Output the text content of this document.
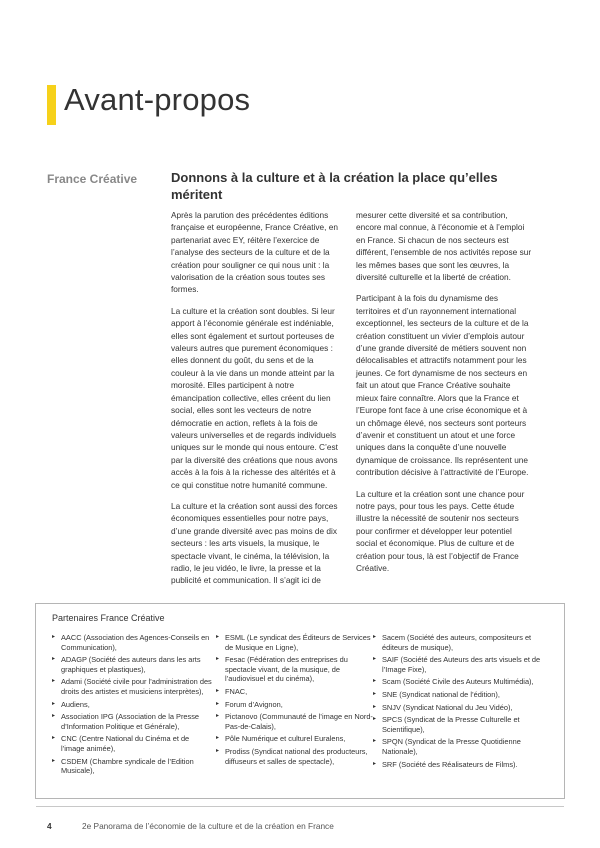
Avant-propos
France Créative	Donnons à la culture et à la création la place qu’elles méritent

Après la parution des précédentes éditions française et européenne, France Créative, en partenariat avec EY, réitère l’exercice de l’analyse des secteurs de la culture et de la création pour souligner ce qui nous unit : la valorisation de la création sous toutes ses formes.

La culture et la création sont doubles. Si leur apport à l’économie générale est indéniable, elles sont également et surtout porteuses de valeurs autres que purement économiques : elles donnent du goût, du sens et de la couleur à la vie dans un monde atteint par la morosité. Elles participent à notre émancipation collective, elles créent du lien social, elles sont les vecteurs de notre démocratie en action, reflets à la fois de valeurs universelles et de regards individuels uniques sur le monde qui nous entoure. C’est par la diversité des créations que nous avons accès à la fois à la richesse des altérités et à ce qui constitue notre humanité commune.

La culture et la création sont aussi des forces économiques essentielles pour notre pays, d’une grande diversité avec pas moins de dix secteurs : les arts visuels, la musique, le spectacle vivant, le cinéma, la télévision, la radio, le jeu vidéo, le livre, la presse et la publicité et communication. Il s’agit ici de

mesurer cette diversité et sa contribution, encore mal connue, à l’économie et à l’emploi en France. Si chacun de nos secteurs est différent, l’ensemble de nos activités repose sur les mêmes bases que sont les œuvres, la diversité culturelle et la liberté de création.

Participant à la fois du dynamisme des territoires et d’un rayonnement international exceptionnel, les secteurs de la culture et de la création constituent un vivier d’emplois autour d’une grande diversité de métiers souvent non délocalisables et attractifs notamment pour les jeunes. Ce fort dynamisme de nos secteurs en fait un atout que France Créative souhaite mieux faire connaître. Alors que la France et l’Europe font face à une crise économique et à un chômage élevé, nos secteurs sont porteurs d’avenir et constituent un atout et une force uniques dans la conquête d’une nouvelle dynamique de croissance. Ils représentent une contribution décisive à l’attractivité de l’Europe.

La culture et la création sont une chance pour notre pays, pour tous les pays. Cette étude illustre la nécessité de soutenir nos secteurs pour confirmer et développer leur potentiel social et économique. Plus de culture et de création pour tous, là est l’objectif de France Créative.

Partenaires France Créative
▸ AACC (Association des Agences-Conseils en Communication),
▸ ADAGP (Société des auteurs dans les arts graphiques et plastiques),
▸ Adami (Société civile pour l’administration des droits des artistes et musiciens interprètes),
▸ Audiens,
▸ Association IPG (Association de la Presse d’Information Politique et Générale),
▸ CNC (Centre National du Cinéma et de l’image animée),
▸ CSDEM (Chambre syndicale de l’Edition Musicale),
▸ ESML (Le syndicat des Éditeurs de Services de Musique en Ligne),
▸ Fesac (Fédération des entreprises du spectacle vivant, de la musique, de l’audiovisuel et du cinéma),
▸ FNAC,
▸ Forum d’Avignon,
▸ Pictanovo (Communauté de l’image en Nord-Pas-de-Calais),
▸ Pôle Numérique et culturel Euralens,
▸ Prodiss (Syndicat national des producteurs, diffuseurs et salles de spectacle),
▸ Sacem (Société des auteurs, compositeurs et éditeurs de musique),
▸ SAIF (Société des Auteurs des arts visuels et de l’Image Fixe),
▸ Scam (Société Civile des Auteurs Multimédia),
▸ SNE (Syndicat national de l’édition),
▸ SNJV (Syndicat National du Jeu Vidéo),
▸ SPCS (Syndicat de la Presse Culturelle et Scientifique),
▸ SPQN (Syndicat de la Presse Quotidienne Nationale),
▸ SRF (Société des Réalisateurs de Films).
4	2e Panorama de l’économie de la culture et de la création en France
